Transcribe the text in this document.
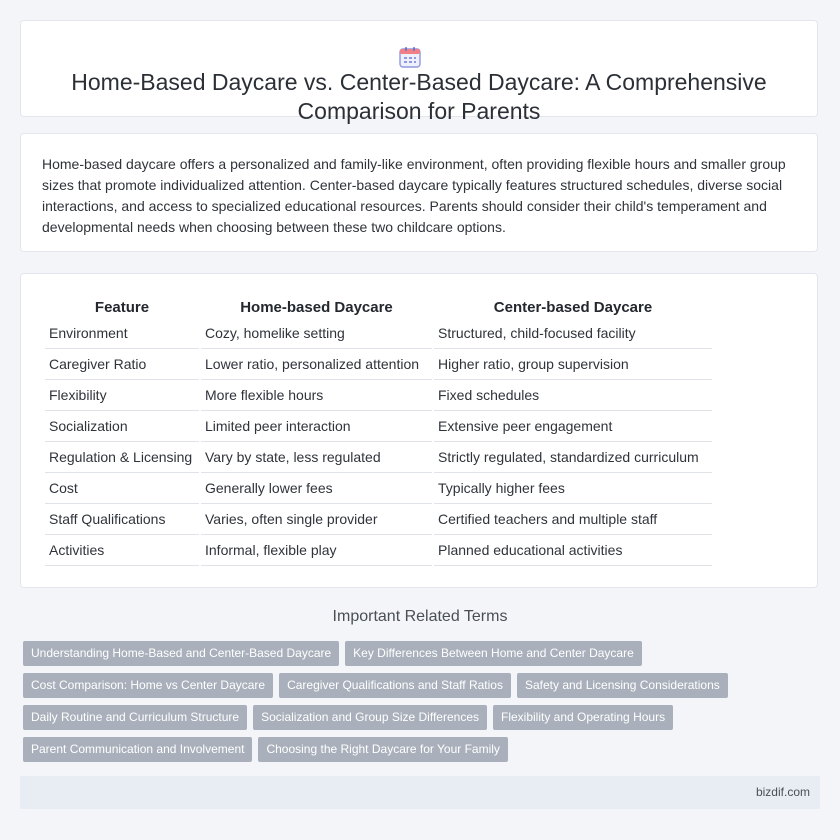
Home-Based Daycare vs. Center-Based Daycare: A Comprehensive Comparison for Parents

Home-based daycare offers a personalized and family-like environment, often providing flexible hours and smaller group sizes that promote individualized attention. Center-based daycare typically features structured schedules, diverse social interactions, and access to specialized educational resources. Parents should consider their child's temperament and developmental needs when choosing between these two childcare options.

Feature	Home-based Daycare	Center-based Daycare
Environment	Cozy, homelike setting	Structured, child-focused facility
Caregiver Ratio	Lower ratio, personalized attention	Higher ratio, group supervision
Flexibility	More flexible hours	Fixed schedules
Socialization	Limited peer interaction	Extensive peer engagement
Regulation & Licensing	Vary by state, less regulated	Strictly regulated, standardized curriculum
Cost	Generally lower fees	Typically higher fees
Staff Qualifications	Varies, often single provider	Certified teachers and multiple staff
Activities	Informal, flexible play	Planned educational activities
Important Related Terms
Understanding Home-Based and Center-Based Daycare Key Differences Between Home and Center Daycare
Cost Comparison: Home vs Center Daycare Caregiver Qualifications and Staff Ratios Safety and Licensing Considerations
Daily Routine and Curriculum Structure Socialization and Group Size Differences Flexibility and Operating Hours
Parent Communication and Involvement Choosing the Right Daycare for Your Family
bizdif.com
